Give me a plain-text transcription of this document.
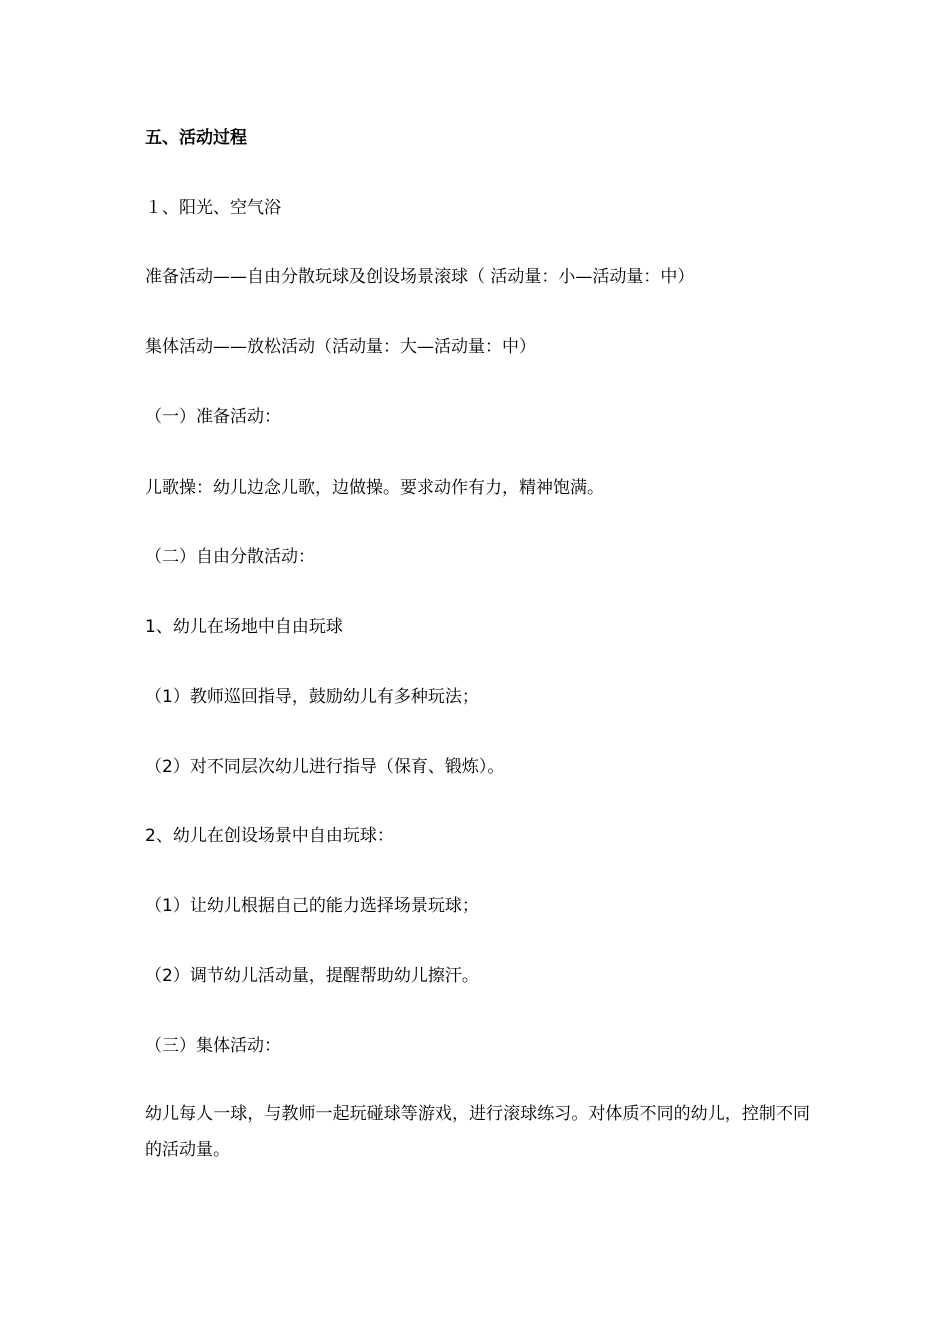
五、活动过程
１、阳光、空气浴
准备活动——自由分散玩球及创设场景滚球（ 活动量：小—活动量：中）
集体活动——放松活动（活动量：大—活动量：中）
（一）准备活动：
儿歌操：幼儿边念儿歌，边做操。要求动作有力，精神饱满。
（二）自由分散活动：
1、幼儿在场地中自由玩球
（1）教师巡回指导，鼓励幼儿有多种玩法；
（2）对不同层次幼儿进行指导（保育、锻炼）。
2、幼儿在创设场景中自由玩球：
（1）让幼儿根据自己的能力选择场景玩球；
（2）调节幼儿活动量，提醒帮助幼儿擦汗。
（三）集体活动：
幼儿每人一球，与教师一起玩碰球等游戏，进行滚球练习。对体质不同的幼儿，控制不同的活动量。
